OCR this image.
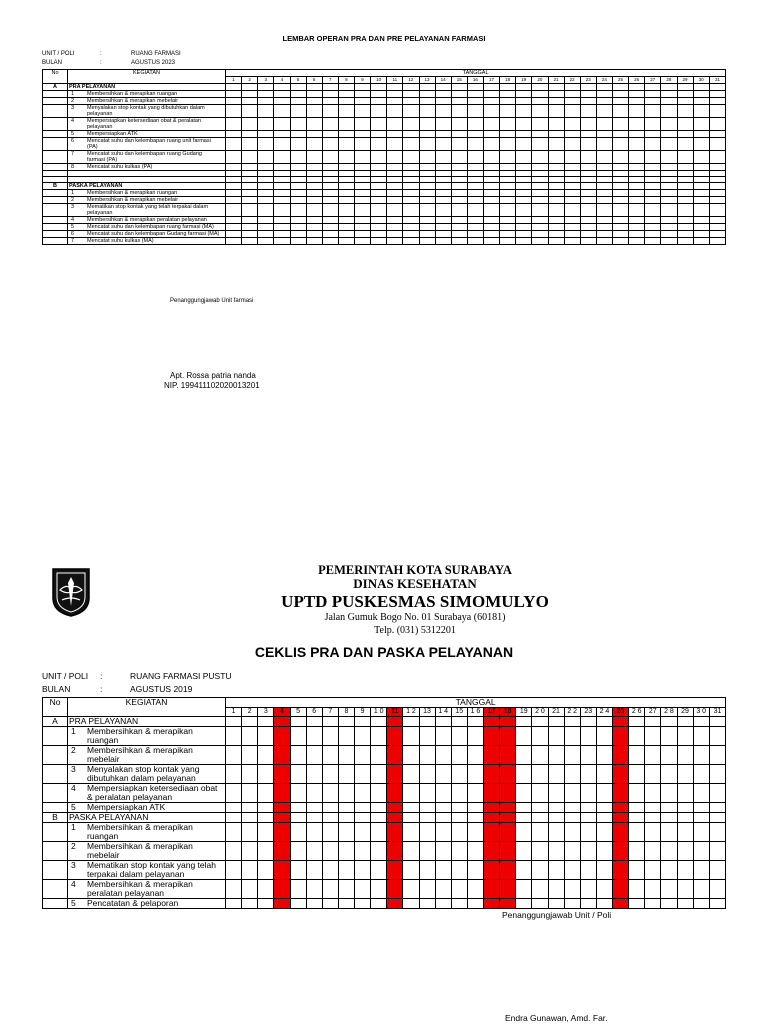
LEMBAR OPERAN PRA DAN PRE PELAYANAN FARMASI
UNIT / POLI	:	RUANG FARMASI
BULAN	:	AGUSTUS 2023
No	KEGIATAN	TANGGAL																														
		1	2	3	4	5	6	7	8	9	10	11	12	13	14	15	16	17	18	19	20	21	22	23	24	25	26	27	28	29	30	31
A	PRA PELAYANAN																															
	1 Membersihkan & merapikan ruangan																															
	2 Membersihkan & merapikan mebelair																															
	3 Menyalakan stop kontak yang dibutuhkan dalam pelayanan																															
	4 Mempersiapkan ketersediaan obat & peralatan pelayanan																															
	5 Mempersiapkan ATK																															
	6 Mencatat suhu dan kelembapan ruang unit farmasi (PA)																															
	7 Mencatat suhu dan kelembapan ruang Gudang farmasi (PA)																															
	8 Mencatat suhu kulkas (PA)																															

B	PASKA PELAYANAN																															
	1 Membersihkan & merapikan ruangan																															
	2 Membersihkan & merapikan mebelair																															
	3 Mematikan stop kontak yang telah terpakai dalam pelayanan																															
	4 Membersihkan & merapikan peralatan pelayanan																															
	5 Mencatat suhu dan kelembapan ruang farmasi (MA)																															
	6 Mencatat suhu dan kelembapan Gudang farmasi (MA)																															
	7 Mencatat suhu kulkas (MA)																															
Penanggungjawab Unit farmasi
Apt. Rossa patria nanda
NIP. 199411102020013201
PEMERINTAH KOTA SURABAYA
DINAS KESEHATAN
UPTD PUSKESMAS SIMOMULYO
Jalan Gumuk Bogo No. 01 Surabaya (60181)
Telp. (031) 5312201
CEKLIS PRA DAN PASKA PELAYANAN
UNIT / POLI :	RUANG FARMASI PUSTU
BULAN	:	AGUSTUS 2019
No	KEGIATAN	TANGGAL																														
		1	2	3	4	5	6	7	8	9	1 0	11	1 2	13	1 4	15	1 6	17	18	19	2 0	21	2 2	23	2 4	25	2 6	27	2 8	29	3 0	31
A	PRA PELAYANAN																															
	1 Membersihkan & merapikan ruangan																															
	2 Membersihkan & merapikan mebelair																															
	3 Menyalakan stop kontak yang dibutuhkan dalam pelayanan																															
	4 Mempersiapkan ketersediaan obat & peralatan pelayanan																															
	5 Mempersiapkan ATK																															
B	PASKA PELAYANAN																															
	1 Membersihkan & merapikan ruangan																															
	2 Membersihkan & merapikan mebelair																															
	3 Mematikan stop kontak yang telah terpakai dalam pelayanan																															
	4 Membersihkan & merapikan peralatan pelayanan																															
	5 Pencatatan & pelaporan																															
Penanggungjawab Unit / Poli
Endra Gunawan, Amd. Far.
